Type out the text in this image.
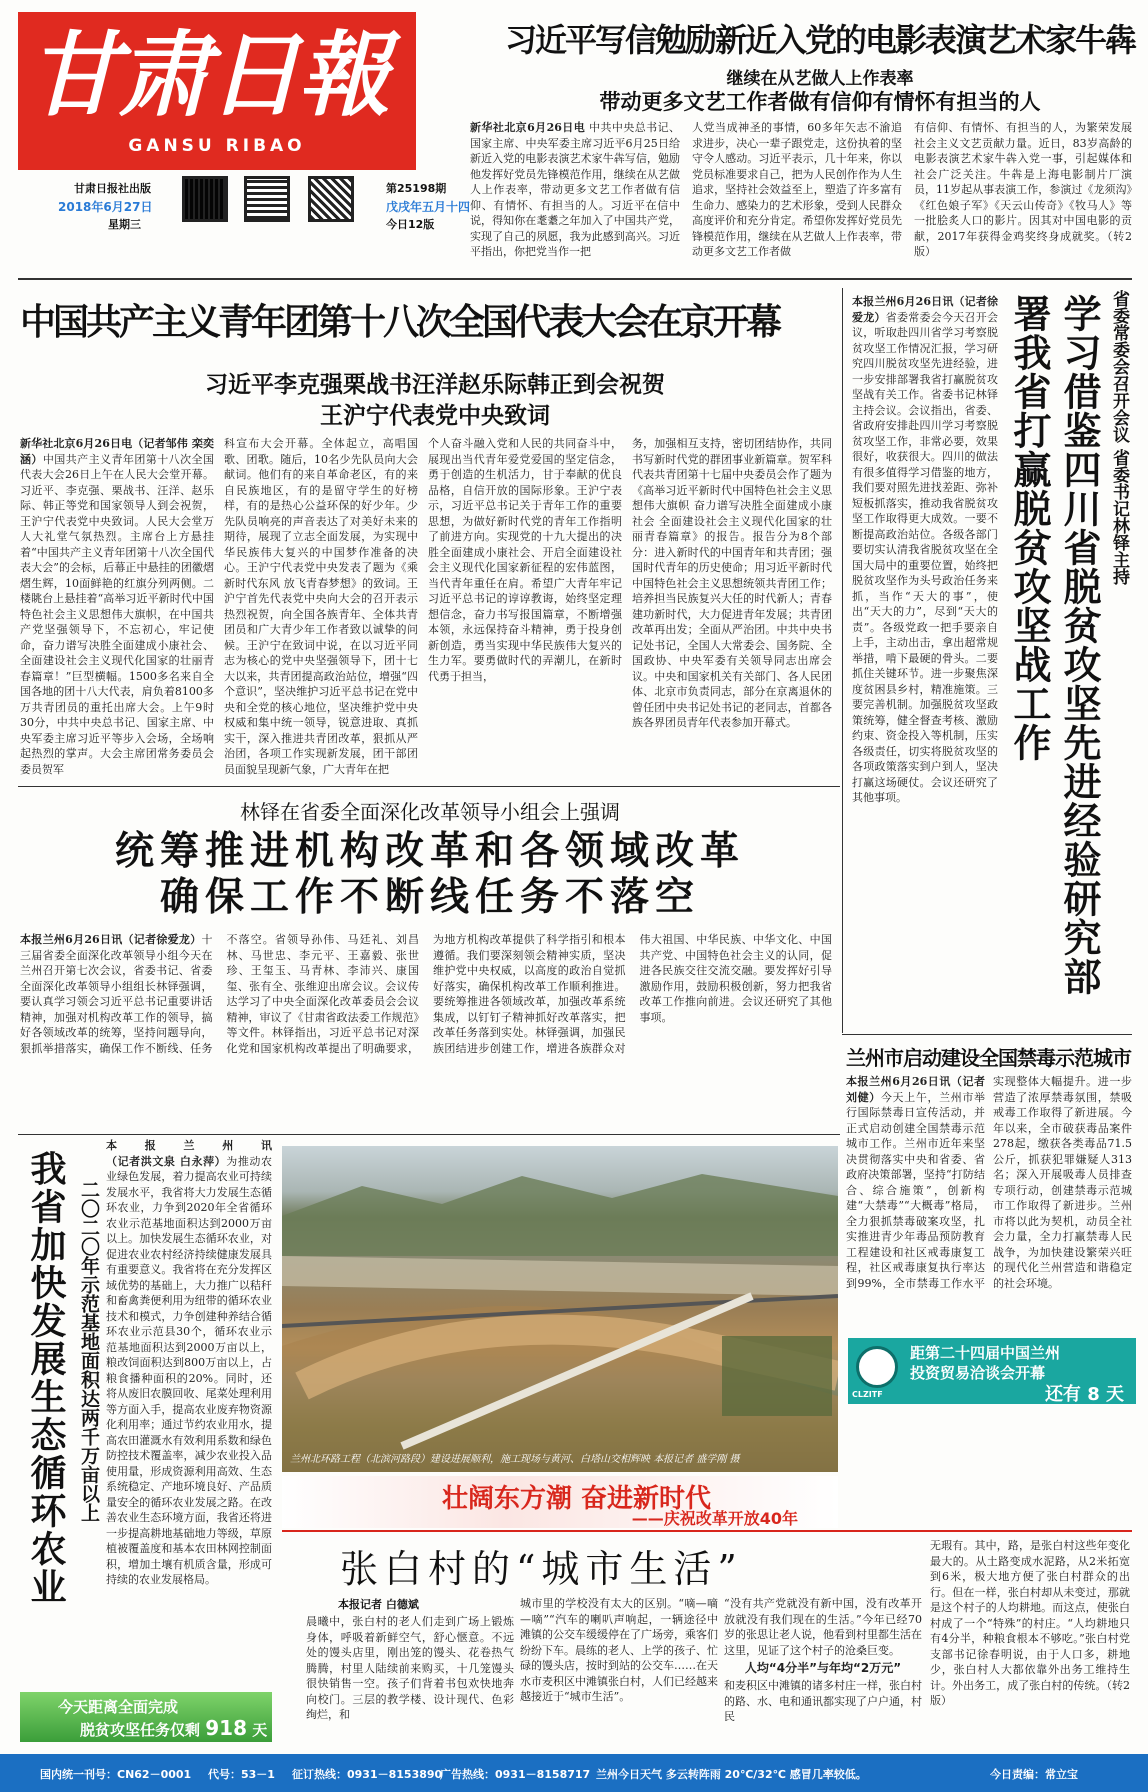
甘肃日報
GANSU RIBAO
甘肃日报社出版
2018年6月27日
星期三
第25198期
戊戌年五月十四
今日12版
习近平写信勉励新近入党的电影表演艺术家牛犇
继续在从艺做人上作表率
带动更多文艺工作者做有信仰有情怀有担当的人
新华社北京6月26日电 中共中央总书记、国家主席、中央军委主席习近平6月25日给新近入党的电影表演艺术家牛犇写信，勉励他发挥好党员先锋模范作用，继续在从艺做人上作表率，带动更多文艺工作者做有信仰、有情怀、有担当的人。习近平在信中说，得知你在耄耋之年加入了中国共产党，实现了自己的夙愿，我为此感到高兴。习近平指出，你把党当作一把
人党当成神圣的事情，60多年矢志不渝追求进步，决心一辈子跟党走，这份执着的坚守令人感动。习近平表示，几十年来，你以党员标准要求自己，把为人民创作作为人生追求，坚持社会效益至上，塑造了许多富有生命力、感染力的艺术形象，受到人民群众高度评价和充分肯定。希望你发挥好党员先锋模范作用，继续在从艺做人上作表率，带动更多文艺工作者做
有信仰、有情怀、有担当的人，为繁荣发展社会主义文艺贡献力量。近日，83岁高龄的电影表演艺术家牛犇入党一事，引起媒体和社会广泛关注。牛犇是上海电影制片厂演员，11岁起从事表演工作，参演过《龙须沟》《红色娘子军》《天云山传奇》《牧马人》等一批脍炙人口的影片。因其对中国电影的贡献，2017年获得金鸡奖终身成就奖。（转2版）
中国共产主义青年团第十八次全国代表大会在京开幕
习近平李克强栗战书汪洋赵乐际韩正到会祝贺
王沪宁代表党中央致词
新华社北京6月26日电（记者邹伟 栾奕涵）中国共产主义青年团第十八次全国代表大会26日上午在人民大会堂开幕。习近平、李克强、栗战书、汪洋、赵乐际、韩正等党和国家领导人到会祝贺，王沪宁代表党中央致词。人民大会堂万人大礼堂气氛热烈。主席台上方悬挂着“中国共产主义青年团第十八次全国代表大会”的会标，后幕正中悬挂的团徽熠熠生辉，10面鲜艳的红旗分列两侧。二楼眺台上悬挂着“高举习近平新时代中国特色社会主义思想伟大旗帜，在中国共产党坚强领导下，不忘初心，牢记使命，奋力谱写决胜全面建成小康社会、全面建设社会主义现代化国家的壮丽青春篇章！”巨型横幅。1500多名来自全国各地的团十八大代表，肩负着8100多万共青团员的重托出席大会。上午9时30分，中共中央总书记、国家主席、中央军委主席习近平等步入会场，全场响起热烈的掌声。大会主席团常务委员会委员贺军
科宣布大会开幕。全体起立，高唱国歌、团歌。随后，10名少先队员向大会献词。他们有的来自革命老区，有的来自民族地区，有的是留守学生的好榜样，有的是热心公益环保的好少年。少先队员响亮的声音表达了对美好未来的期待，展现了立志全面发展，为实现中华民族伟大复兴的中国梦作准备的决心。王沪宁代表党中央发表了题为《乘新时代东风 放飞青春梦想》的致词。王沪宁首先代表党中央向大会的召开表示热烈祝贺，向全国各族青年、全体共青团员和广大青少年工作者致以诚挚的问候。王沪宁在致词中说，在以习近平同志为核心的党中央坚强领导下，团十七大以来，共青团提高政治站位，增强“四个意识”，坚决维护习近平总书记在党中央和全党的核心地位，坚决维护党中央权威和集中统一领导，锐意进取、真抓实干，深入推进共青团改革，狠抓从严治团，各项工作实现新发展，团干部团员面貌呈现新气象，广大青年在把
个人奋斗融入党和人民的共同奋斗中，展现出当代青年爱党爱国的坚定信念，勇于创造的生机活力，甘于奉献的优良品格，自信开放的国际形象。王沪宁表示，习近平总书记关于青年工作的重要思想，为做好新时代党的青年工作指明了前进方向。实现党的十九大提出的决胜全面建成小康社会、开启全面建设社会主义现代化国家新征程的宏伟蓝图，当代青年重任在肩。希望广大青年牢记习近平总书记的谆谆教诲，始终坚定理想信念，奋力书写报国篇章，不断增强本领，永远保持奋斗精神，勇于投身创新创造，勇当实现中华民族伟大复兴的生力军。要勇做时代的弄潮儿，在新时代勇于担当，
务，加强相互支持，密切团结协作，共同书写新时代党的群团事业新篇章。贺军科代表共青团第十七届中央委员会作了题为《高举习近平新时代中国特色社会主义思想伟大旗帜 奋力谱写决胜全面建成小康社会 全面建设社会主义现代化国家的壮丽青春篇章》的报告。报告分为8个部分：进入新时代的中国青年和共青团；强国时代青年的历史使命；用习近平新时代中国特色社会主义思想统领共青团工作；培养担当民族复兴大任的时代新人；青春建功新时代，大力促进青年发展；共青团改革再出发；全面从严治团。中共中央书记处书记，全国人大常委会、国务院、全国政协、中央军委有关领导同志出席会议。中央和国家机关有关部门、各人民团体、北京市负责同志，部分在京离退休的曾任团中央书记处书记的老同志，首都各族各界团员青年代表参加开幕式。
省委常委会召开会议 省委书记林铎主持
学习借鉴四川省脱贫攻坚先进经验研究部署我省打赢脱贫攻坚战工作
本报兰州6月26日讯（记者徐爱龙）省委常委会今天召开会议，听取赴四川省学习考察脱贫攻坚工作情况汇报，学习研究四川脱贫攻坚先进经验，进一步安排部署我省打赢脱贫攻坚战有关工作。省委书记林铎主持会议。会议指出，省委、省政府安排赴四川学习考察脱贫攻坚工作，非常必要，效果很好，收获很大。四川的做法有很多值得学习借鉴的地方，我们要对照先进找差距、弥补短板抓落实，推动我省脱贫攻坚工作取得更大成效。一要不断提高政治站位。各级各部门要切实认清我省脱贫攻坚在全国大局中的重要位置，始终把脱贫攻坚作为头号政治任务来抓，当作“天大的事”，使出“天大的力”，尽到“天大的责”。各级党政一把手要亲自上手，主动出击，拿出超常规举措，啃下最硬的骨头。二要抓住关键环节。进一步聚焦深度贫困县乡村，精准施策。三要完善机制。加强脱贫攻坚政策统筹，健全督查考核、激励约束、资金投入等机制，压实各级责任，切实将脱贫攻坚的各项政策落实到户到人，坚决打赢这场硬仗。会议还研究了其他事项。
林铎在省委全面深化改革领导小组会上强调
统筹推进机构改革和各领域改革
确保工作不断线任务不落空
本报兰州6月26日讯（记者徐爱龙）十三届省委全面深化改革领导小组今天在兰州召开第七次会议，省委书记、省委全面深化改革领导小组组长林铎强调，要认真学习领会习近平总书记重要讲话精神，加强对机构改革工作的领导，搞好各领域改革的统筹，坚持问题导向，狠抓举措落实，确保工作不断线、任务不落空。省领导孙伟、马廷礼、刘昌林、马世忠、李元平、王嘉毅、张世珍、王玺玉、马青林、李沛兴、康国玺、张有全、张维迎出席会议。会议传达学习了中央全面深化改革委员会会议精神，审议了《甘肃省政法委工作规范》等文件。林铎指出，习近平总书记对深化党和国家机构改革提出了明确要求，为地方机构改革提供了科学指引和根本遵循。我们要深刻领会精神实质，坚决维护党中央权威，以高度的政治自觉抓好落实，确保机构改革工作顺利推进。要统筹推进各领域改革，加强改革系统集成，以钉钉子精神抓好改革落实，把改革任务落到实处。林铎强调，加强民族团结进步创建工作，增进各族群众对伟大祖国、中华民族、中华文化、中国共产党、中国特色社会主义的认同，促进各民族交往交流交融。要发挥好引导激励作用，鼓励积极创新，努力把我省改革工作推向前进。会议还研究了其他事项。
兰州市启动建设全国禁毒示范城市
本报兰州6月26日讯（记者刘健）今天上午，兰州市举行国际禁毒日宣传活动，并正式启动创建全国禁毒示范城市工作。兰州市近年来坚决贯彻落实中央和省委、省政府决策部署，坚持“打防结合、综合施策”，创新构建“大禁毒”“大概毒”格局，全力狠抓禁毒破案攻坚，扎实推进青少年毒品预防教育工程建设和社区戒毒康复工程，社区戒毒康复执行率达到99%，全市禁毒工作水平实现整体大幅提升。进一步营造了浓厚禁毒氛围，禁吸戒毒工作取得了新进展。今年以来，全市破获毒品案件278起，缴获各类毒品71.5公斤，抓获犯罪嫌疑人313名；深入开展吸毒人员排查专项行动，创建禁毒示范城市工作取得了新进步。兰州市将以此为契机，动员全社会力量，全力打赢禁毒人民战争，为加快建设繁荣兴旺的现代化兰州营造和谐稳定的社会环境。
CLZITF
距第二十四届中国兰州
投资贸易洽谈会开幕
还有 8 天
我省加快发展生态循环农业 二〇二〇年示范基地面积达两千万亩以上
本报兰州讯（记者洪文泉 白永萍）为推动农业绿色发展，着力提高农业可持续发展水平，我省将大力发展生态循环农业，力争到2020年全省循环农业示范基地面积达到2000万亩以上。加快发展生态循环农业，对促进农业农村经济持续健康发展具有重要意义。我省将在充分发挥区域优势的基础上，大力推广以秸秆和畜禽粪便利用为纽带的循环农业技术和模式，力争创建种养结合循环农业示范县30个，循环农业示范基地面积达到2000万亩以上，粮改饲面积达到800万亩以上，占粮食播种面积的20%。同时，还将从废旧农膜回收、尾菜处理利用等方面入手，提高农业废弃物资源化利用率；通过节约农业用水，提高农田灌溉水有效利用系数和绿色防控技术覆盖率，减少农业投入品使用量，形成资源利用高效、生态系统稳定、产地环境良好、产品质量安全的循环农业发展之路。在改善农业生态环境方面，我省还将进一步提高耕地基础地力等级，草原植被覆盖度和基本农田林网控制面积，增加土壤有机质含量，形成可持续的农业发展格局。
今天距离全面完成
脱贫攻坚任务仅剩 918 天
兰州北环路工程（北滨河路段）建设进展顺利，施工现场与黄河、白塔山交相辉映 本报记者 盛学刚 摄
壮阔东方潮 奋进新时代
——庆祝改革开放40年
张白村的“城市生活”
本报记者 白德斌
晨曦中，张白村的老人们走到广场上锻炼身体，呼吸着新鲜空气，舒心惬意。不远处的馒头店里，刚出笼的馒头、花卷热气腾腾，村里人陆续前来购买，十几笼馒头很快销售一空。孩子们背着书包欢快地奔向校门。三层的教学楼、设计现代、色彩绚烂，和
城市里的学校没有太大的区别。“嘀—嘀—嘀”“汽车的喇叭声响起，一辆途径中滩镇的公交车缓缓停在了广场旁，乘客们纷纷下车。晨练的老人、上学的孩子、忙碌的馒头店，按时到站的公交车……在天水市麦积区中滩镇张白村，人们已经越来越接近于“城市生活”。
“没有共产党就没有新中国，没有改革开放就没有我们现在的生活。”今年已经70岁的张思让老人说，他看到村里都生活在这里，见证了这个村子的沧桑巨变。
人均“4分半”与年均“2万元”
和麦积区中滩镇的诸多村庄一样，张白村的路、水、电和通讯都实现了户户通，村民
无瑕有。其中，路，是张白村这些年变化最大的。从土路变成水泥路，从2米拓宽到6米，极大地方便了张白村群众的出行。但在一样，张白村却从未变过，那就是这个村子的人均耕地。而这点，使张白村成了一个“特殊”的村庄。“人均耕地只有4分半，种粮食根本不够吃。”张白村党支部书记徐春明说，由于人口多，耕地少，张白村人大都依靠外出务工维持生计。外出务工，成了张白村的传统。（转2版）
国内统一刊号：CN62－0001 代号：53－1 征订热线：0931－8153890
广告热线：0931－8158717 兰州今日天气 多云转阵雨 20℃/32℃ 感冒几率较低。	今日责编：常立宝
